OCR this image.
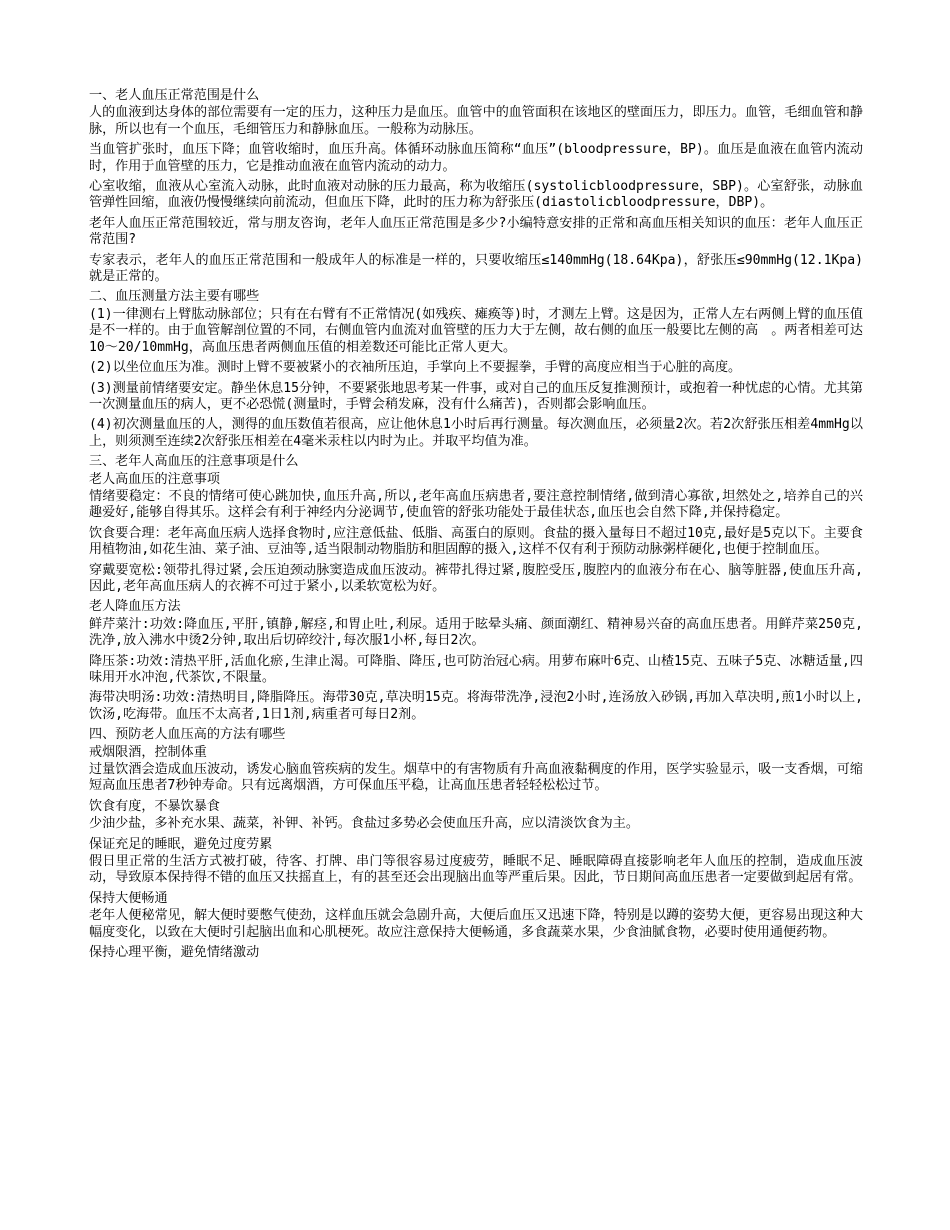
一、老人血压正常范围是什么

人的血液到达身体的部位需要有一定的压力，这种压力是血压。血管中的血管面积在该地区的壁面压力，即压力。血管，毛细血管和静脉，所以也有一个血压，毛细管压力和静脉血压。一般称为动脉压。

当血管扩张时，血压下降；血管收缩时，血压升高。体循环动脉血压简称“血压”(bloodpressure，BP)。血压是血液在血管内流动时，作用于血管壁的压力，它是推动血液在血管内流动的动力。

心室收缩，血液从心室流入动脉，此时血液对动脉的压力最高，称为收缩压(systolicbloodpressure，SBP)。心室舒张，动脉血管弹性回缩，血液仍慢慢继续向前流动，但血压下降，此时的压力称为舒张压(diastolicbloodpressure，DBP)。

老年人血压正常范围较近，常与朋友咨询，老年人血压正常范围是多少?小编特意安排的正常和高血压相关知识的血压：老年人血压正常范围?

专家表示，老年人的血压正常范围和一般成年人的标准是一样的，只要收缩压≤140mmHg(18.64Kpa)，舒张压≤90mmHg(12.1Kpa)就是正常的。

二、血压测量方法主要有哪些

(1)一律测右上臂肱动脉部位；只有在右臂有不正常情况(如残疾、瘫痪等)时，才测左上臂。这是因为，正常人左右两侧上臂的血压值是不一样的。由于血管解剖位置的不同，右侧血管内血流对血管壁的压力大于左侧，故右侧的血压一般要比左侧的高　。两者相差可达10～20/10mmHg，高血压患者两侧血压值的相差数还可能比正常人更大。

(2)以坐位血压为准。测时上臂不要被紧小的衣袖所压迫，手掌向上不要握拳，手臂的高度应相当于心脏的高度。

(3)测量前情绪要安定。静坐休息15分钟，不要紧张地思考某一件事，或对自己的血压反复推测预计，或抱着一种忧虑的心情。尤其第一次测量血压的病人，更不必恐慌(测量时，手臂会稍发麻，没有什么痛苦)，否则都会影响血压。

(4)初次测量血压的人，测得的血压数值若很高，应让他休息1小时后再行测量。每次测血压，必须量2次。若2次舒张压相差4mmHg以上，则须测至连续2次舒张压相差在4毫米汞柱以内时为止。并取平均值为准。

三、老年人高血压的注意事项是什么

老人高血压的注意事项

情绪要稳定：不良的情绪可使心跳加快,血压升高,所以,老年高血压病患者,要注意控制情绪,做到清心寡欲,坦然处之,培养自己的兴趣爱好,能够自得其乐。这样会有利于神经内分泌调节,使血管的舒张功能处于最佳状态,血压也会自然下降,并保持稳定。

饮食要合理：老年高血压病人选择食物时,应注意低盐、低脂、高蛋白的原则。食盐的摄入量每日不超过10克,最好是5克以下。主要食用植物油,如花生油、菜子油、豆油等,适当限制动物脂肪和胆固醇的摄入,这样不仅有利于预防动脉粥样硬化,也便于控制血压。

穿戴要宽松:领带扎得过紧,会压迫颈动脉窦造成血压波动。裤带扎得过紧,腹腔受压,腹腔内的血液分布在心、脑等脏器,使血压升高,因此,老年高血压病人的衣裤不可过于紧小,以柔软宽松为好。

老人降血压方法

鲜芹菜汁:功效:降血压,平肝,镇静,解痉,和胃止吐,利尿。适用于眩晕头痛、颜面潮红、精神易兴奋的高血压患者。用鲜芹菜250克,洗净,放入沸水中烫2分钟,取出后切碎绞汁,每次服1小杯,每日2次。

降压茶:功效:清热平肝,活血化瘀,生津止渴。可降脂、降压,也可防治冠心病。用萝布麻叶6克、山楂15克、五味子5克、冰糖适量,四味用开水冲泡,代茶饮,不限量。

海带决明汤:功效:清热明目,降脂降压。海带30克,草决明15克。将海带洗净,浸泡2小时,连汤放入砂锅,再加入草决明,煎1小时以上,饮汤,吃海带。血压不太高者,1日1剂,病重者可每日2剂。

四、预防老人血压高的方法有哪些

戒烟限酒，控制体重

过量饮酒会造成血压波动，诱发心脑血管疾病的发生。烟草中的有害物质有升高血液黏稠度的作用，医学实验显示，吸一支香烟，可缩短高血压患者7秒钟寿命。只有远离烟酒，方可保血压平稳，让高血压患者轻轻松松过节。

饮食有度，不暴饮暴食

少油少盐，多补充水果、蔬菜，补钾、补钙。食盐过多势必会使血压升高，应以清淡饮食为主。

保证充足的睡眠，避免过度劳累

假日里正常的生活方式被打破，待客、打牌、串门等很容易过度疲劳，睡眠不足、睡眠障碍直接影响老年人血压的控制，造成血压波动，导致原本保持得不错的血压又扶摇直上，有的甚至还会出现脑出血等严重后果。因此，节日期间高血压患者一定要做到起居有常。

保持大便畅通

老年人便秘常见，解大便时要憋气使劲，这样血压就会急剧升高，大便后血压又迅速下降，特别是以蹲的姿势大便，更容易出现这种大幅度变化，以致在大便时引起脑出血和心肌梗死。故应注意保持大便畅通，多食蔬菜水果，少食油腻食物，必要时使用通便药物。

保持心理平衡，避免情绪激动
